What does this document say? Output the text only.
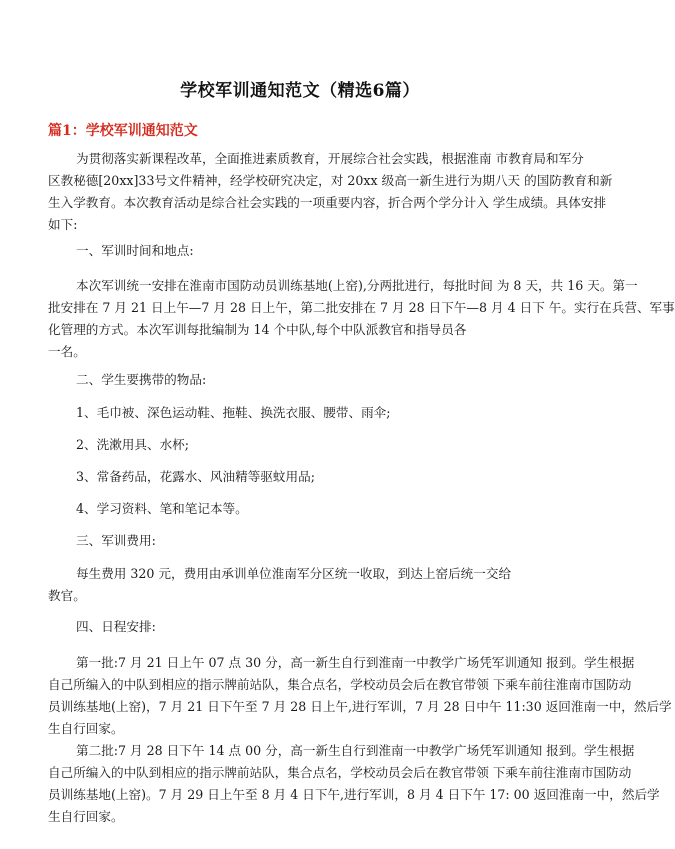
学校军训通知范文（精选6篇）
篇1：学校军训通知范文
为贯彻落实新课程改革，全面推进素质教育，开展综合社会实践，根据淮南 市教育局和军分
区教秘德[20xx]33号文件精神，经学校研究决定，对 20xx 级高一新生进行为期八天 的国防教育和新
生入学教育。本次教育活动是综合社会实践的一项重要内容，折合两个学分计入 学生成绩。具体安排
如下:
一、军训时间和地点:
本次军训统一安排在淮南市国防动员训练基地(上窑),分两批进行，每批时间 为 8 天，共 16 天。第一
批安排在 7 月 21 日上午—7 月 28 日上午，第二批安排在 7 月 28 日下午—8 月 4 日下 午。实行在兵营、军事
化管理的方式。本次军训每批编制为 14 个中队,每个中队派教官和指导员各
一名。
二、学生要携带的物品:
1、毛巾被、深色运动鞋、拖鞋、换洗衣服、腰带、雨伞;
2、洗漱用具、水杯;
3、常备药品，花露水、风油精等驱蚊用品;
4、学习资料、笔和笔记本等。
三、军训费用:
每生费用 320 元，费用由承训单位淮南军分区统一收取，到达上窑后统一交给
教官。
四、日程安排:
第一批:7 月 21 日上午 07 点 30 分，高一新生自行到淮南一中教学广场凭军训通知 报到。学生根据
自己所编入的中队到相应的指示牌前站队，集合点名，学校动员会后在教官带领 下乘车前往淮南市国防动
员训练基地(上窑)，7 月 21 日下午至 7 月 28 日上午,进行军训，7 月 28 日中午 11:30 返回淮南一中，然后学
生自行回家。
第二批:7 月 28 日下午 14 点 00 分，高一新生自行到淮南一中教学广场凭军训通知 报到。学生根据
自己所编入的中队到相应的指示牌前站队，集合点名，学校动员会后在教官带领 下乘车前往淮南市国防动
员训练基地(上窑)。7 月 29 日上午至 8 月 4 日下午,进行军训，8 月 4 日下午 17: 00 返回淮南一中，然后学
生自行回家。
